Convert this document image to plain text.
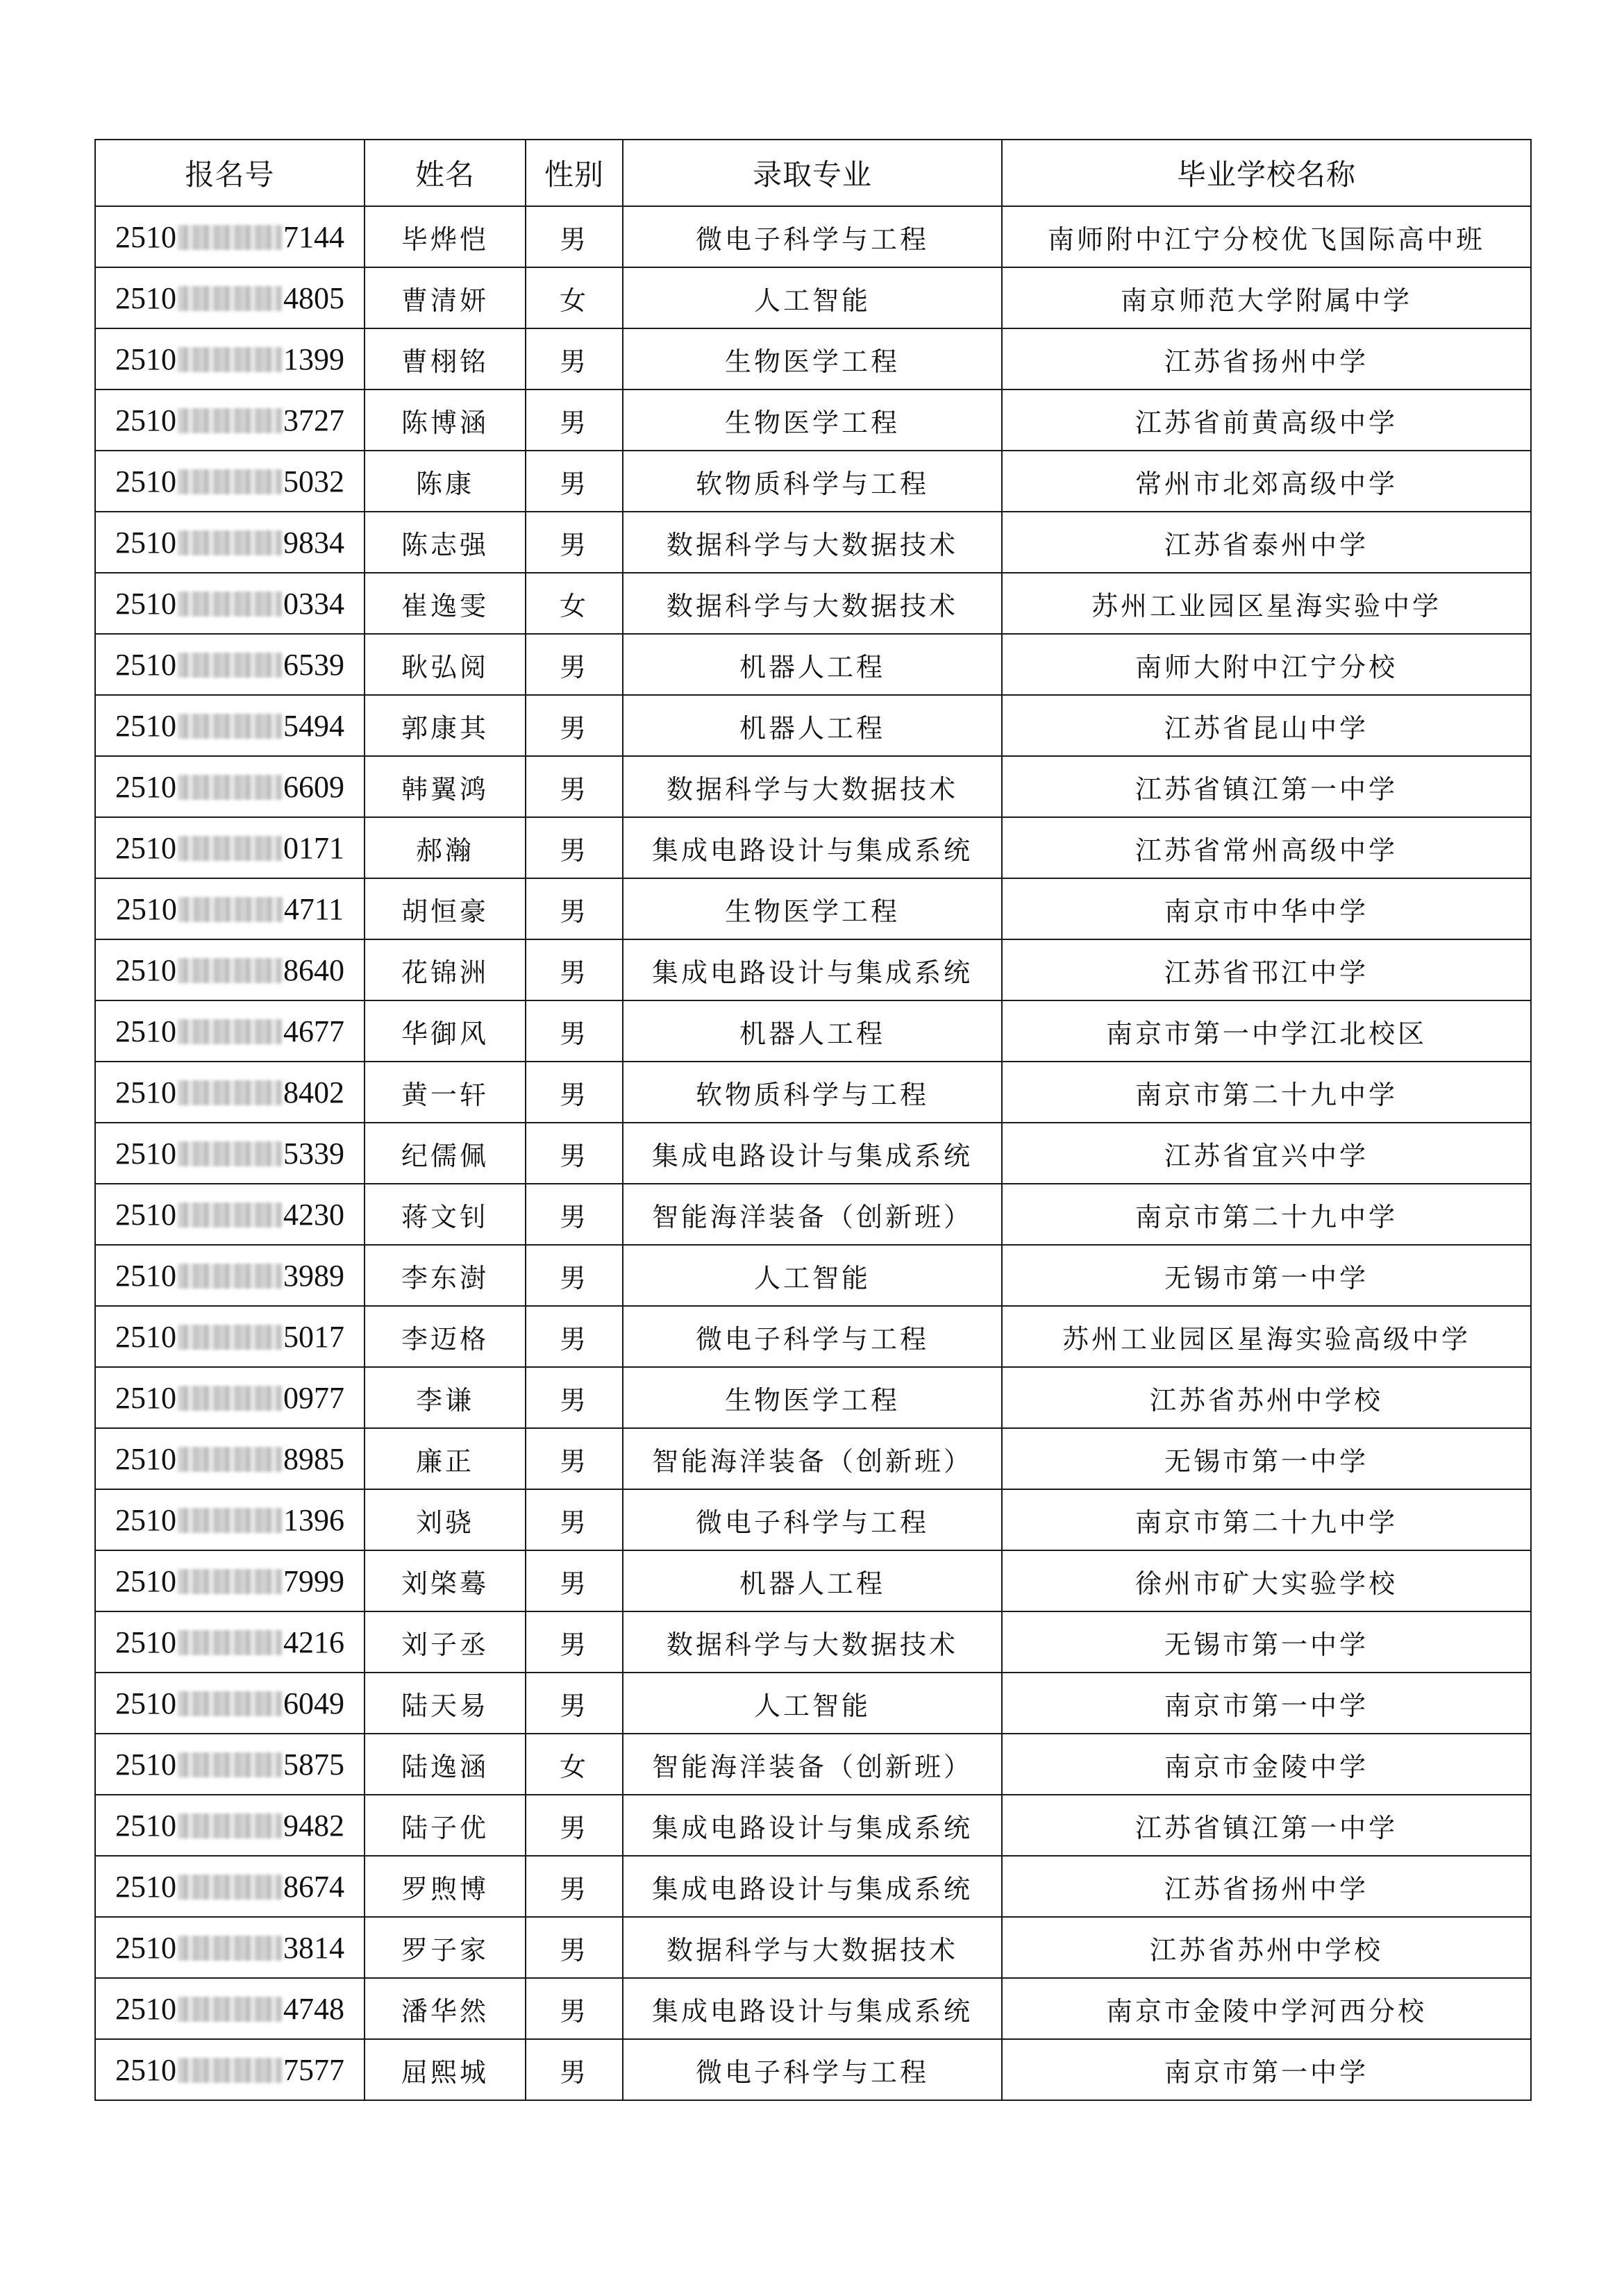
报名号	姓名	性别	录取专业	毕业学校名称
2510 7144	毕烨恺	男	微电子科学与工程	南师附中江宁分校优飞国际高中班
2510 4805	曹清妍	女	人工智能	南京师范大学附属中学
2510 1399	曹栩铭	男	生物医学工程	江苏省扬州中学
2510 3727	陈博涵	男	生物医学工程	江苏省前黄高级中学
2510 5032	陈康	男	软物质科学与工程	常州市北郊高级中学
2510 9834	陈志强	男	数据科学与大数据技术	江苏省泰州中学
2510 0334	崔逸雯	女	数据科学与大数据技术	苏州工业园区星海实验中学
2510 6539	耿弘阅	男	机器人工程	南师大附中江宁分校
2510 5494	郭康其	男	机器人工程	江苏省昆山中学
2510 6609	韩翼鸿	男	数据科学与大数据技术	江苏省镇江第一中学
2510 0171	郝瀚	男	集成电路设计与集成系统	江苏省常州高级中学
2510 4711	胡恒豪	男	生物医学工程	南京市中华中学
2510 8640	花锦洲	男	集成电路设计与集成系统	江苏省邗江中学
2510 4677	华御风	男	机器人工程	南京市第一中学江北校区
2510 8402	黄一轩	男	软物质科学与工程	南京市第二十九中学
2510 5339	纪儒佩	男	集成电路设计与集成系统	江苏省宜兴中学
2510 4230	蒋文钊	男	智能海洋装备（创新班）	南京市第二十九中学
2510 3989	李东澍	男	人工智能	无锡市第一中学
2510 5017	李迈格	男	微电子科学与工程	苏州工业园区星海实验高级中学
2510 0977	李谦	男	生物医学工程	江苏省苏州中学校
2510 8985	廉正	男	智能海洋装备（创新班）	无锡市第一中学
2510 1396	刘骁	男	微电子科学与工程	南京市第二十九中学
2510 7999	刘棨蓦	男	机器人工程	徐州市矿大实验学校
2510 4216	刘子丞	男	数据科学与大数据技术	无锡市第一中学
2510 6049	陆天易	男	人工智能	南京市第一中学
2510 5875	陆逸涵	女	智能海洋装备（创新班）	南京市金陵中学
2510 9482	陆子优	男	集成电路设计与集成系统	江苏省镇江第一中学
2510 8674	罗煦博	男	集成电路设计与集成系统	江苏省扬州中学
2510 3814	罗子家	男	数据科学与大数据技术	江苏省苏州中学校
2510 4748	潘华然	男	集成电路设计与集成系统	南京市金陵中学河西分校
2510 7577	屈熙城	男	微电子科学与工程	南京市第一中学
